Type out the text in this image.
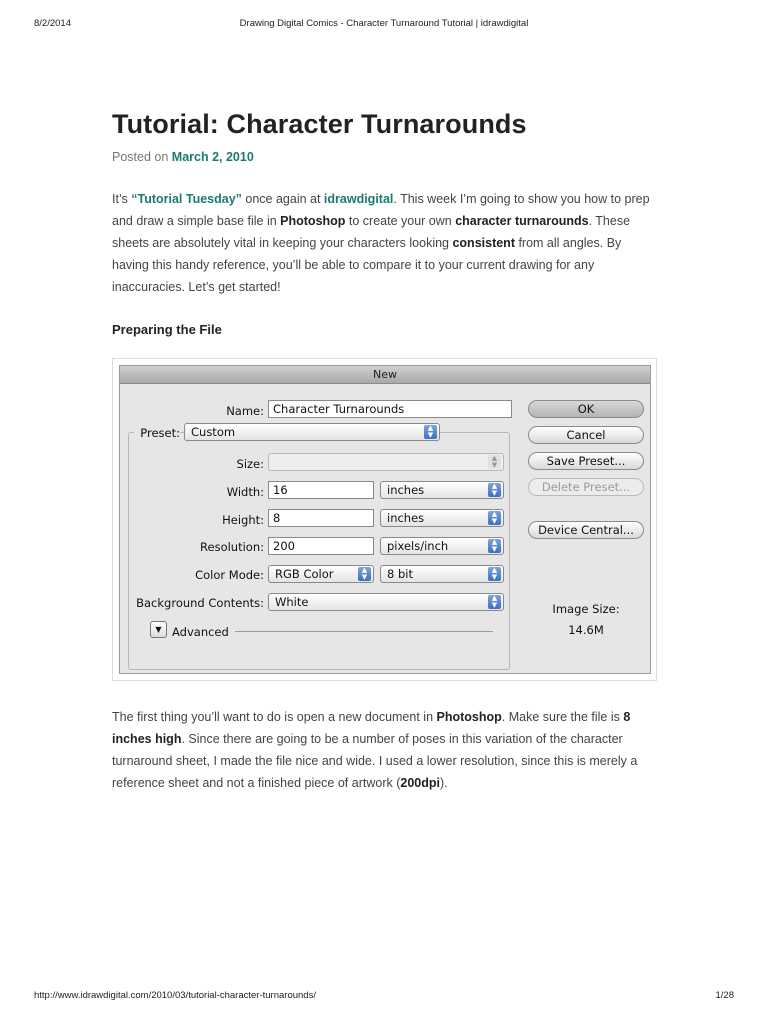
8/2/2014	Drawing Digital Comics - Character Turnaround Tutorial | idrawdigital
Tutorial: Character Turnarounds
Posted on March 2, 2010

It’s “Tutorial Tuesday” once again at idrawdigital. This week I’m going to show you how to prep and draw a simple base file in Photoshop to create your own character turnarounds. These sheets are absolutely vital in keeping your characters looking consistent from all angles. By having this handy reference, you’ll be able to compare it to your current drawing for any inaccuracies. Let’s get started!

Preparing the File

The first thing you’ll want to do is open a new document in Photoshop. Make sure the file is 8 inches high. Since there are going to be a number of poses in this variation of the character turnaround sheet, I made the file nice and wide. I used a lower resolution, since this is merely a reference sheet and not a finished piece of artwork (200dpi).

New
Name: Character Turnarounds
Preset: Custom	▲
▼
Size:	▲
▼
Width: 16	inches	▲
▼
Height: 8	inches	▲
▼
Resolution: 200	pixels/inch	▲
▼
Color Mode: RGB Color	▲
▼	8 bit	▲
▼
Background Contents: White	▲
▼
▼ Advanced
OK
Cancel
Save Preset...
Delete Preset...
Device Central...
Image Size:
14.6M
http://www.idrawdigital.com/2010/03/tutorial-character-turnarounds/	1/28
